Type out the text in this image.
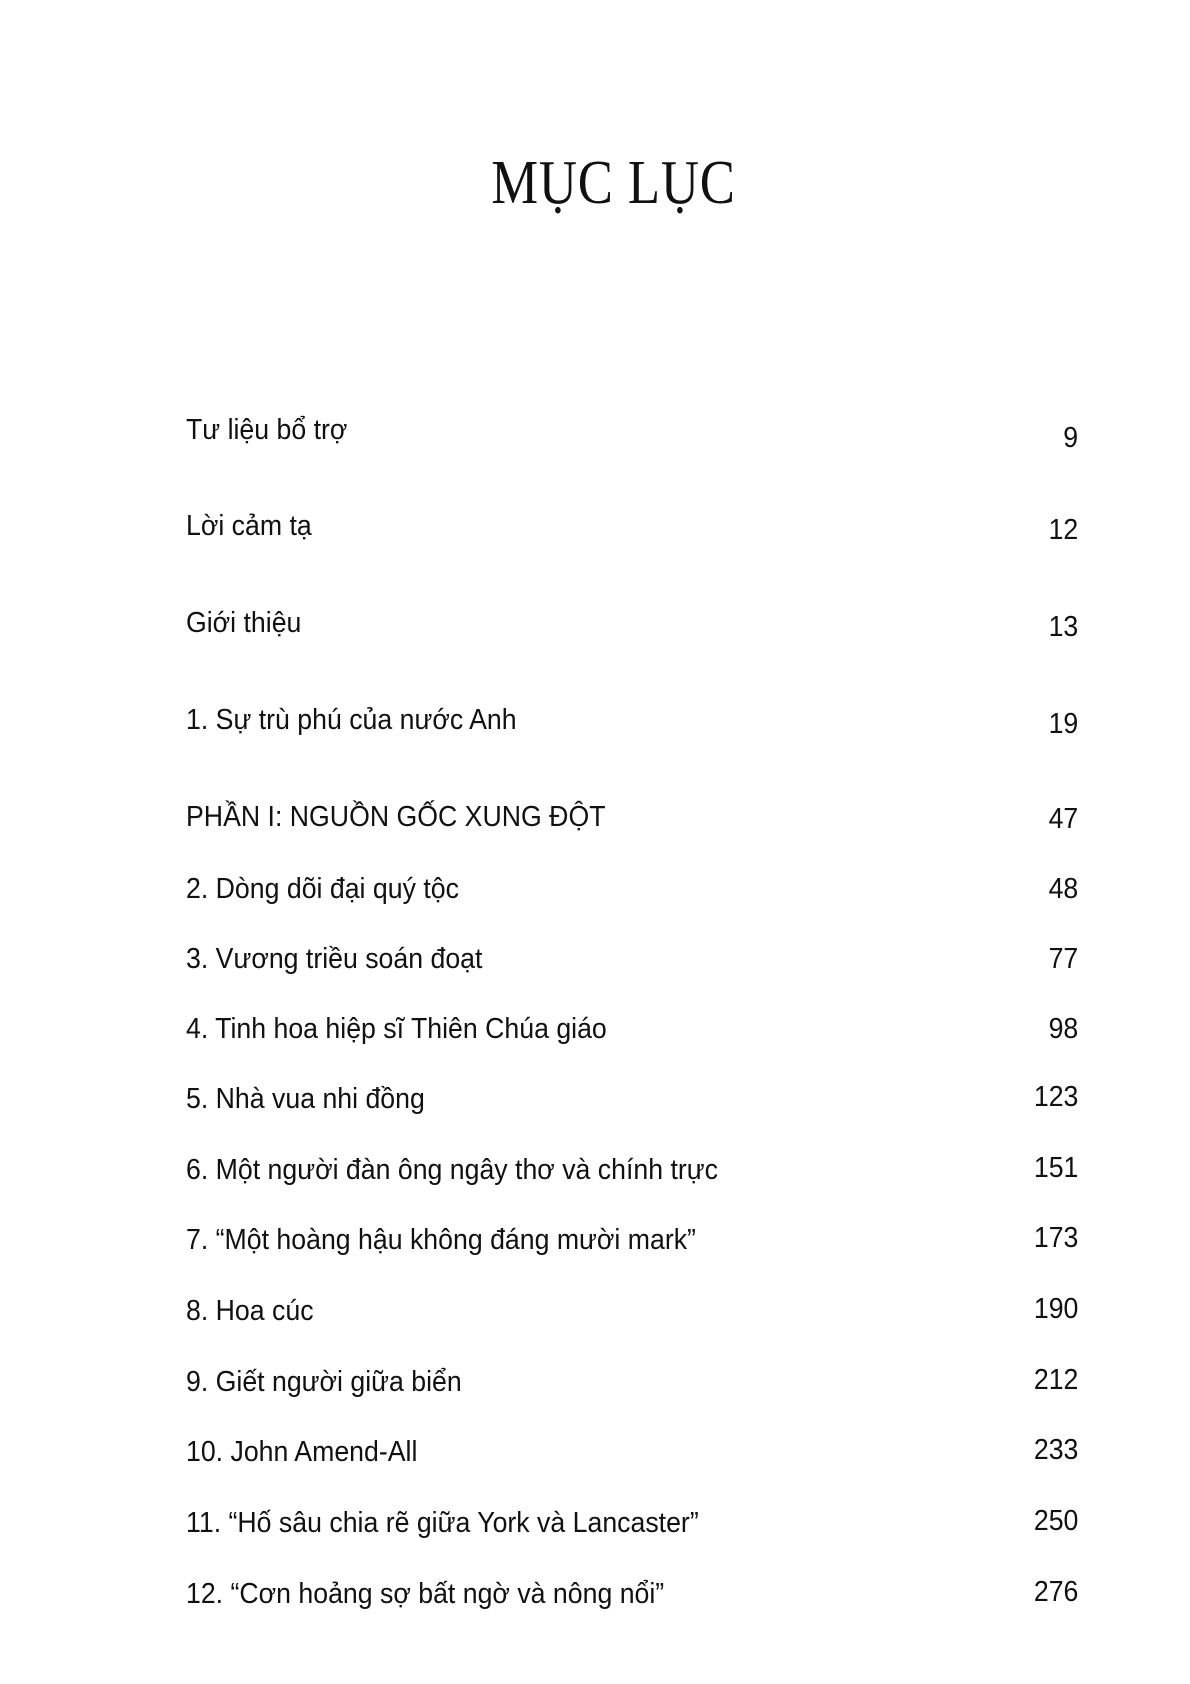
MỤC LỤC
Tư liệu bổ trợ	9
Lời cảm tạ	12
Giới thiệu	13
1. Sự trù phú của nước Anh	19
PHẦN I: NGUỒN GỐC XUNG ĐỘT	47
2. Dòng dõi đại quý tộc	48
3. Vương triều soán đoạt	77
4. Tinh hoa hiệp sĩ Thiên Chúa giáo	98
5. Nhà vua nhi đồng	123
6. Một người đàn ông ngây thơ và chính trực	151
7. “Một hoàng hậu không đáng mười mark”	173
8. Hoa cúc	190
9. Giết người giữa biển	212
10. John Amend-All	233
11. “Hố sâu chia rẽ giữa York và Lancaster”	250
12. “Cơn hoảng sợ bất ngờ và nông nổi”	276
